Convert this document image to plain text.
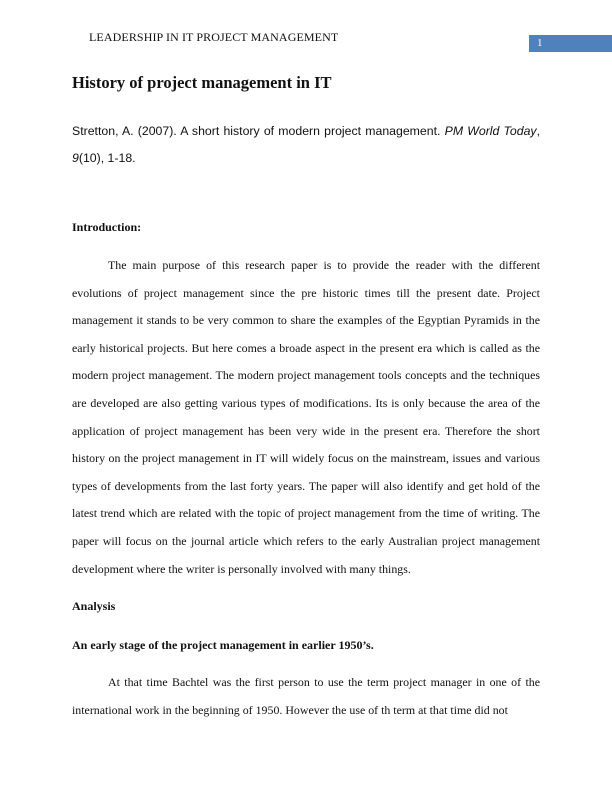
LEADERSHIP IN IT PROJECT MANAGEMENT	1
History of project management in IT
Stretton, A. (2007). A short history of modern project management. PM World Today, 9(10), 1-18.
Introduction:

The main purpose of this research paper is to provide the reader with the different evolutions of project management since the pre historic times till the present date. Project management it stands to be very common to share the examples of the Egyptian Pyramids in the early historical projects. But here comes a broade aspect in the present era which is called as the modern project management. The modern project management tools concepts and the techniques are developed are also getting various types of modifications. Its is only because the area of the application of project management has been very wide in the present era. Therefore the short history on the project management in IT will widely focus on the mainstream, issues and various types of developments from the last forty years. The paper will also identify and get hold of the latest trend which are related with the topic of project management from the time of writing. The paper will focus on the journal article which refers to the early Australian project management development where the writer is personally involved with many things.

Analysis
An early stage of the project management in earlier 1950’s.

At that time Bachtel was the first person to use the term project manager in one of the international work in the beginning of 1950. However the use of th term at that time did not
